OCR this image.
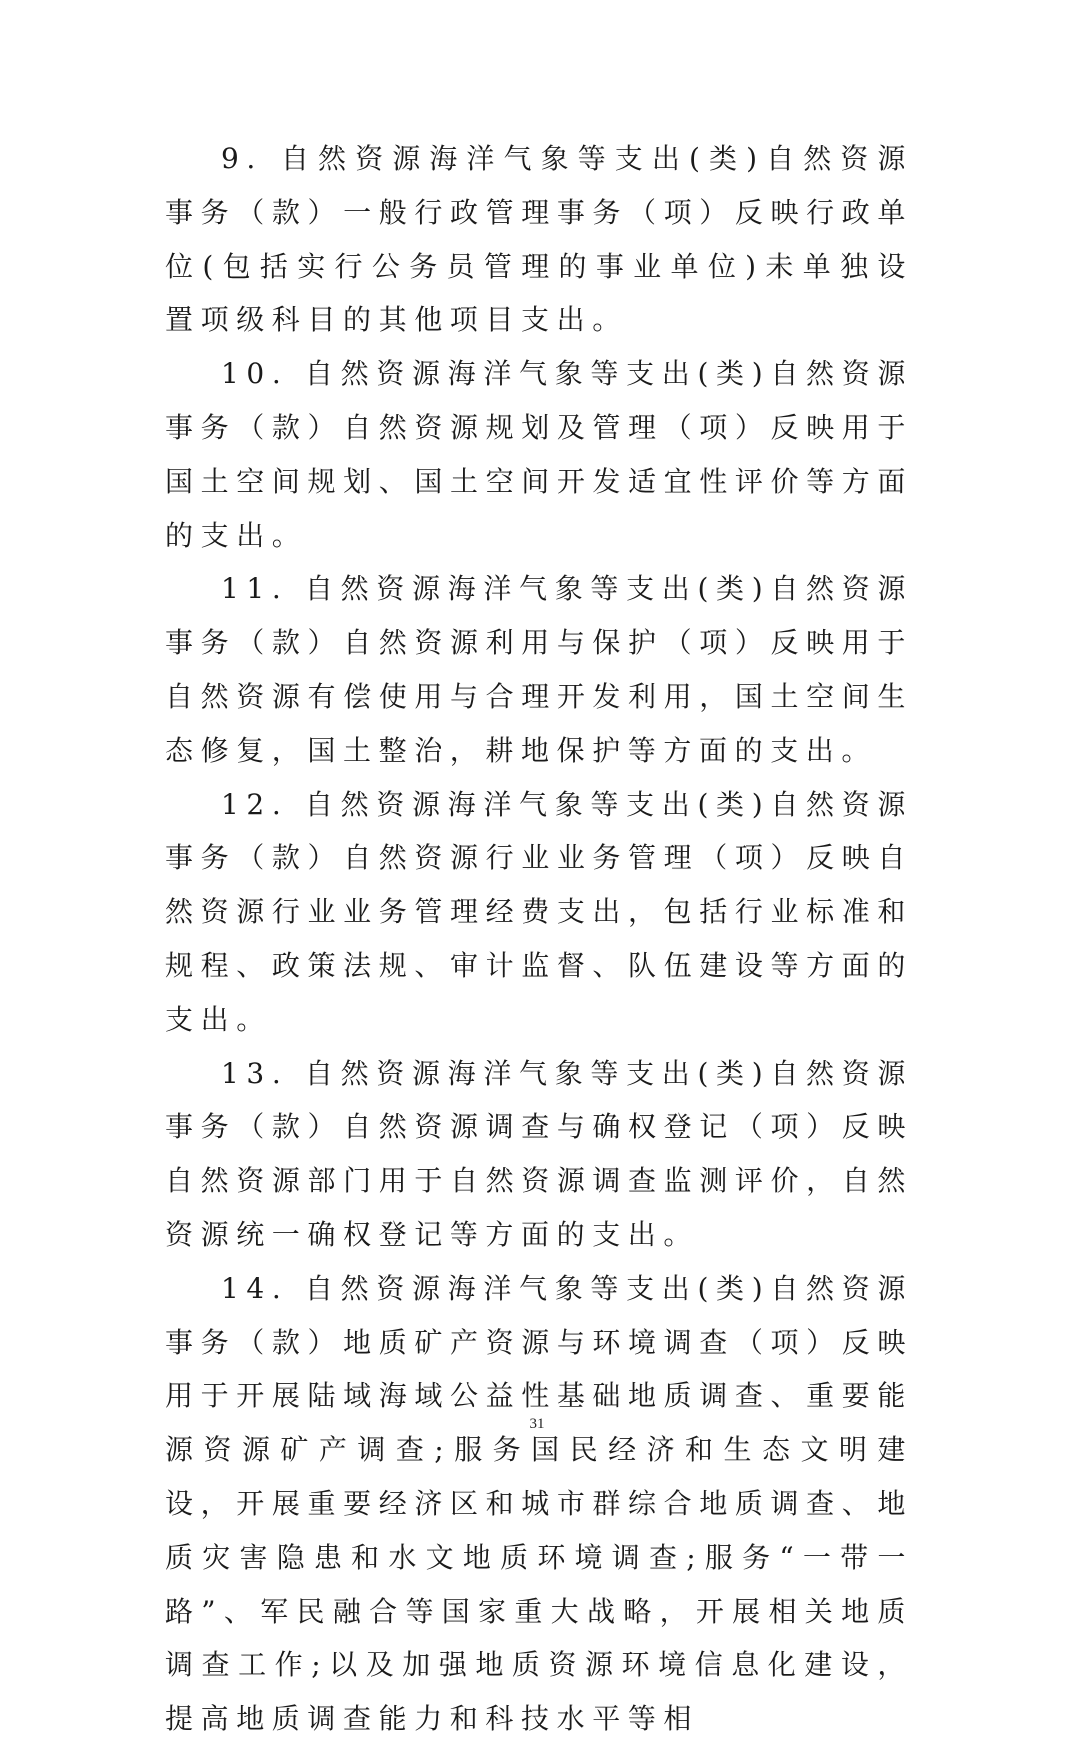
9. 自然资源海洋气象等支出(类)自然资源事务（款）一般行政管理事务（项）反映行政单位(包括实行公务员管理的事业单位)未单独设置项级科目的其他项目支出。

10. 自然资源海洋气象等支出(类)自然资源事务（款）自然资源规划及管理（项）反映用于国土空间规划、国土空间开发适宜性评价等方面的支出。

11. 自然资源海洋气象等支出(类)自然资源事务（款）自然资源利用与保护（项）反映用于自然资源有偿使用与合理开发利用，国土空间生态修复，国土整治，耕地保护等方面的支出。

12. 自然资源海洋气象等支出(类)自然资源事务（款）自然资源行业业务管理（项）反映自然资源行业业务管理经费支出，包括行业标准和规程、政策法规、审计监督、队伍建设等方面的支出。

13. 自然资源海洋气象等支出(类)自然资源事务（款）自然资源调查与确权登记（项）反映自然资源部门用于自然资源调查监测评价，自然资源统一确权登记等方面的支出。

14. 自然资源海洋气象等支出(类)自然资源事务（款）地质矿产资源与环境调查（项）反映用于开展陆域海域公益性基础地质调查、重要能源资源矿产调查;服务国民经济和生态文明建设，开展重要经济区和城市群综合地质调查、地质灾害隐患和水文地质环境调查;服务“一带一路”、军民融合等国家重大战略，开展相关地质调查工作;以及加强地质资源环境信息化建设，提高地质调查能力和科技水平等相

31
